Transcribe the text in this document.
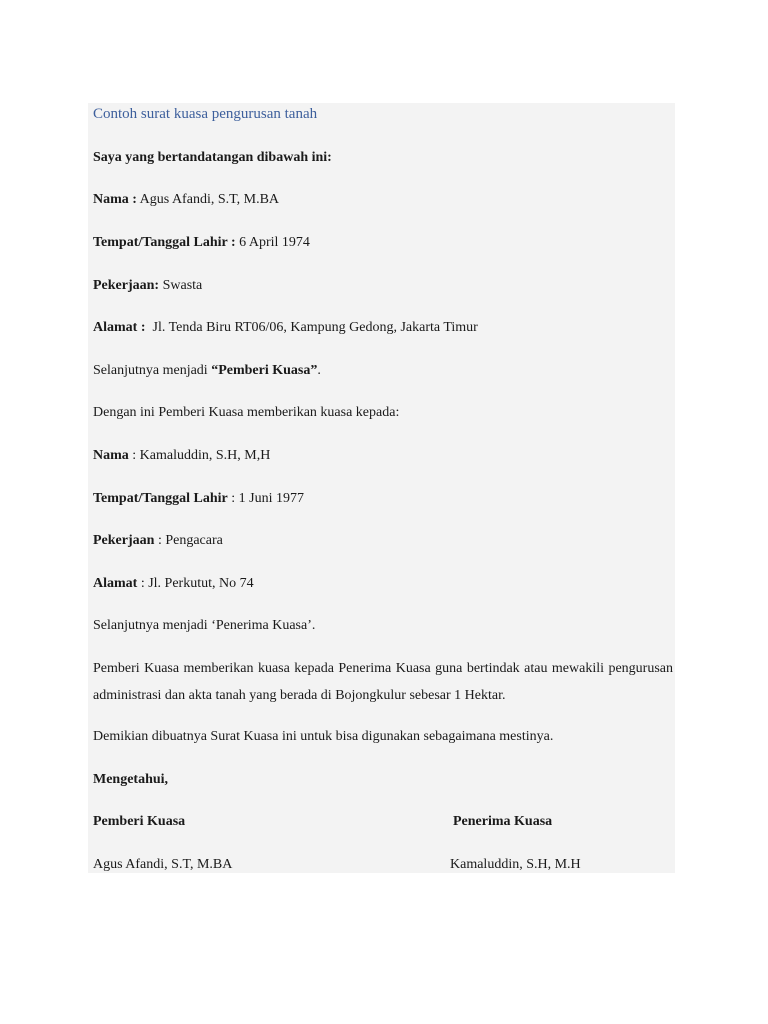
Contoh surat kuasa pengurusan tanah
Saya yang bertandatangan dibawah ini:
Nama : Agus Afandi, S.T, M.BA
Tempat/Tanggal Lahir : 6 April 1974
Pekerjaan: Swasta
Alamat :  Jl. Tenda Biru RT06/06, Kampung Gedong, Jakarta Timur
Selanjutnya menjadi “Pemberi Kuasa”.
Dengan ini Pemberi Kuasa memberikan kuasa kepada:
Nama : Kamaluddin, S.H, M,H
Tempat/Tanggal Lahir : 1 Juni 1977
Pekerjaan : Pengacara
Alamat : Jl. Perkutut, No 74
Selanjutnya menjadi ‘Penerima Kuasa’.
Pemberi Kuasa memberikan kuasa kepada Penerima Kuasa guna bertindak atau mewakili pengurusan administrasi dan akta tanah yang berada di Bojongkulur sebesar 1 Hektar.
Demikian dibuatnya Surat Kuasa ini untuk bisa digunakan sebagaimana mestinya.
Mengetahui,
Pemberi Kuasa	Penerima Kuasa
Agus Afandi, S.T, M.BA	Kamaluddin, S.H, M.H
